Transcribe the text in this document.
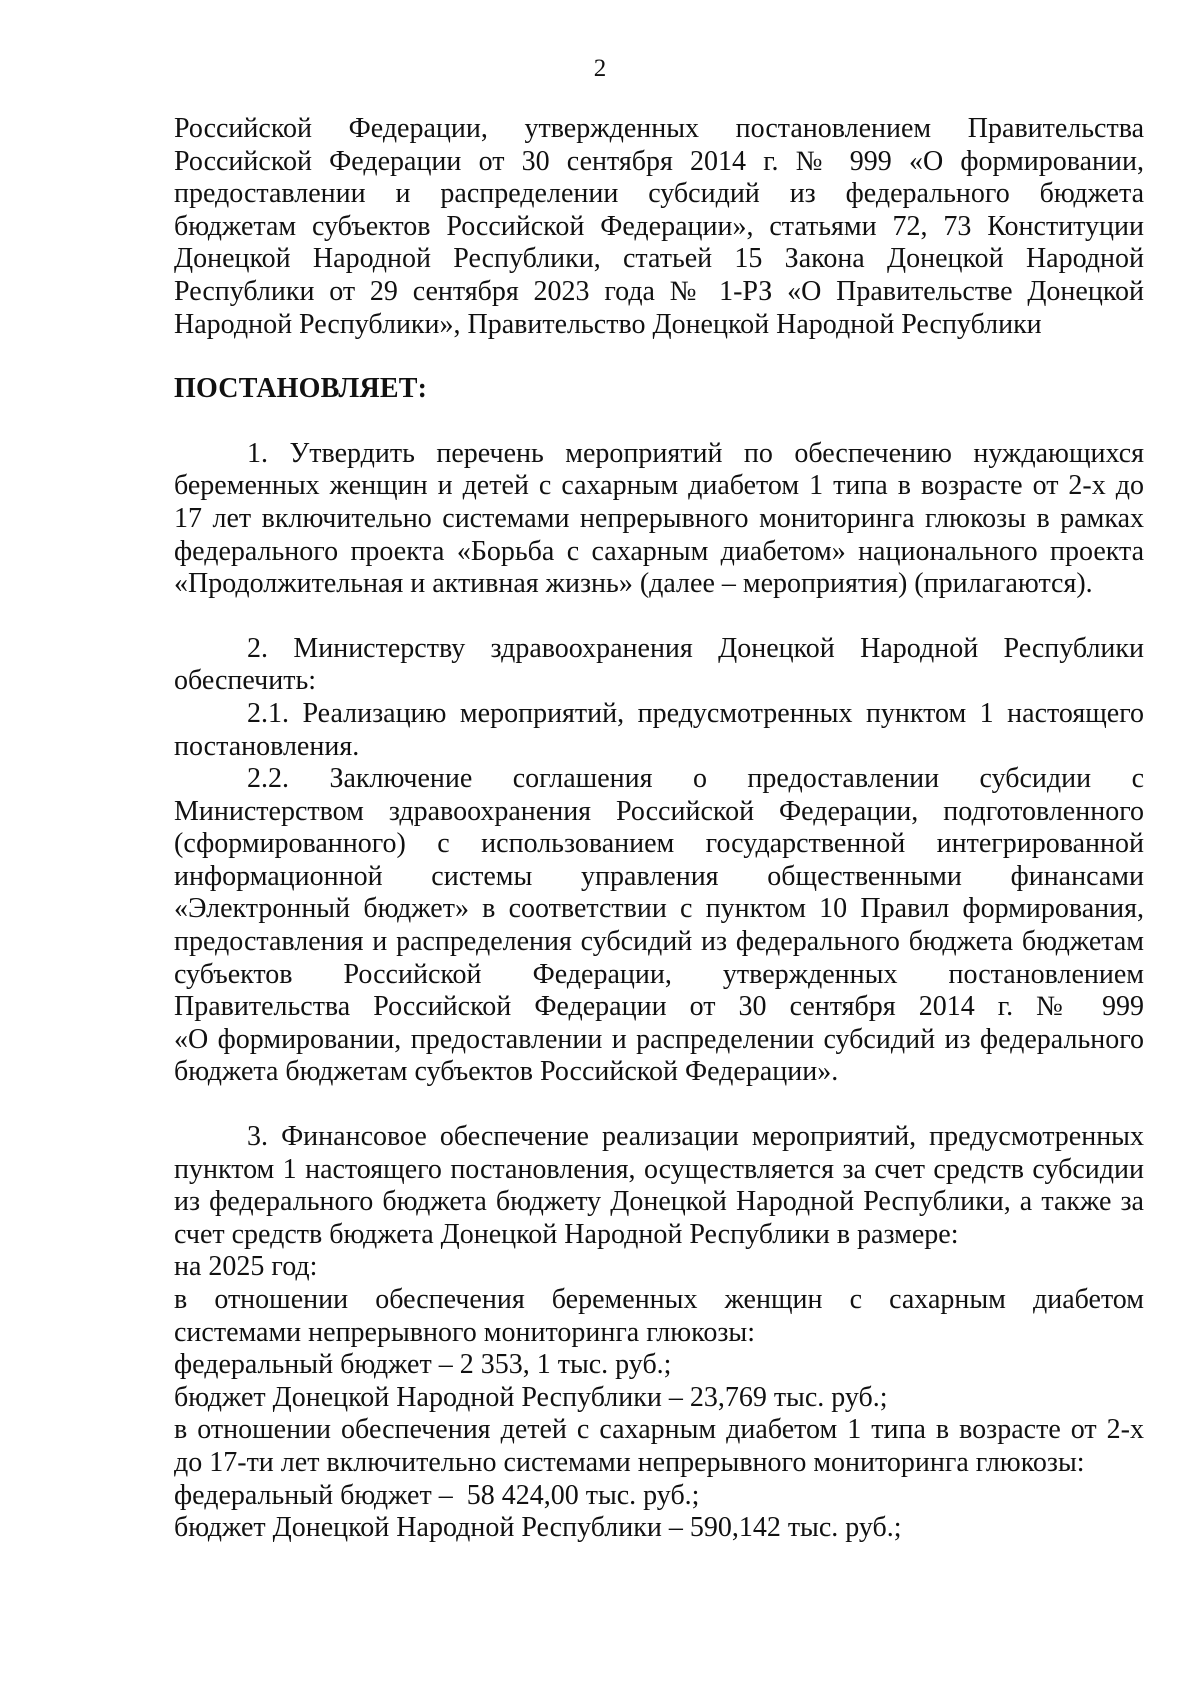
2
Российской Федерации, утвержденных постановлением Правительства
Российской Федерации от 30 сентября 2014 г. № 999 «О формировании,
предоставлении и распределении субсидий из федерального бюджета
бюджетам субъектов Российской Федерации», статьями 72, 73 Конституции
Донецкой Народной Республики, статьей 15 Закона Донецкой Народной
Республики от 29 сентября 2023 года № 1-РЗ «О Правительстве Донецкой
Народной Республики», Правительство Донецкой Народной Республики
ПОСТАНОВЛЯЕТ:
1. Утвердить перечень мероприятий по обеспечению нуждающихся
беременных женщин и детей с сахарным диабетом 1 типа в возрасте от 2-х до
17 лет включительно системами непрерывного мониторинга глюкозы в рамках
федерального проекта «Борьба с сахарным диабетом» национального проекта
«Продолжительная и активная жизнь» (далее – мероприятия) (прилагаются).
2. Министерству здравоохранения Донецкой Народной Республики
обеспечить:
2.1. Реализацию мероприятий, предусмотренных пунктом 1 настоящего
постановления.
2.2. Заключение соглашения о предоставлении субсидии с
Министерством здравоохранения Российской Федерации, подготовленного
(сформированного) с использованием государственной интегрированной
информационной системы управления общественными финансами
«Электронный бюджет» в соответствии с пунктом 10 Правил формирования,
предоставления и распределения субсидий из федерального бюджета бюджетам
субъектов Российской Федерации, утвержденных постановлением
Правительства Российской Федерации от 30 сентября 2014 г. № 999
«О формировании, предоставлении и распределении субсидий из федерального
бюджета бюджетам субъектов Российской Федерации».
3. Финансовое обеспечение реализации мероприятий, предусмотренных
пунктом 1 настоящего постановления, осуществляется за счет средств субсидии
из федерального бюджета бюджету Донецкой Народной Республики, а также за
счет средств бюджета Донецкой Народной Республики в размере:
на 2025 год:
в отношении обеспечения беременных женщин с сахарным диабетом
системами непрерывного мониторинга глюкозы:
федеральный бюджет – 2 353, 1 тыс. руб.;
бюджет Донецкой Народной Республики – 23,769 тыс. руб.;
в отношении обеспечения детей с сахарным диабетом 1 типа в возрасте от 2-х
до 17-ти лет включительно системами непрерывного мониторинга глюкозы:
федеральный бюджет –  58 424,00 тыс. руб.;
бюджет Донецкой Народной Республики – 590,142 тыс. руб.;
